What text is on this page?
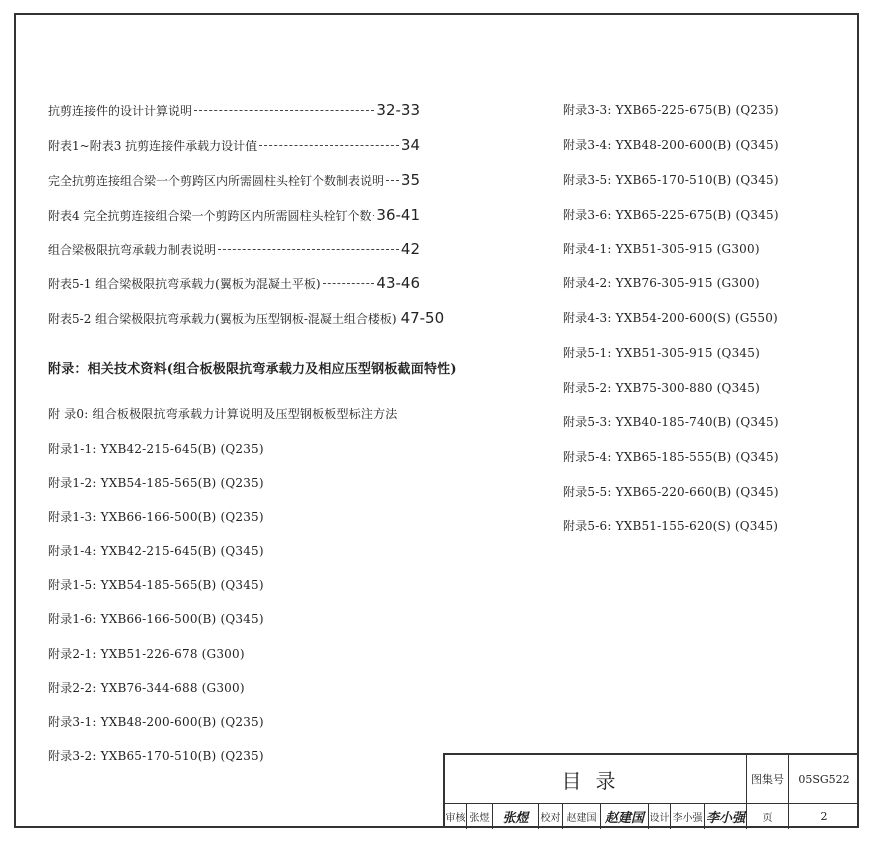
抗剪连接件的设计计算说明	32-33
附表1~附表3 抗剪连接件承载力设计值	34
完全抗剪连接组合梁一个剪跨区内所需圆柱头栓钉个数制表说明 35
附表4 完全抗剪连接组合梁一个剪跨区内所需圆柱头栓钉个数 36-41
组合梁极限抗弯承载力制表说明	42
附表5-1 组合梁极限抗弯承载力(翼板为混凝土平板)	43-46
附表5-2 组合梁极限抗弯承载力(翼板为压型钢板-混凝土组合楼板) 47-50
附录：相关技术资料(组合板极限抗弯承载力及相应压型钢板截面特性)
附 录0: 组合板极限抗弯承载力计算说明及压型钢板板型标注方法
附录1-1: YXB42-215-645(B) (Q235)
附录1-2: YXB54-185-565(B) (Q235)
附录1-3: YXB66-166-500(B) (Q235)
附录1-4: YXB42-215-645(B) (Q345)
附录1-5: YXB54-185-565(B) (Q345)
附录1-6: YXB66-166-500(B) (Q345)
附录2-1: YXB51-226-678 (G300)
附录2-2: YXB76-344-688 (G300)
附录3-1: YXB48-200-600(B) (Q235)
附录3-2: YXB65-170-510(B) (Q235)
附录3-3: YXB65-225-675(B) (Q235)
附录3-4: YXB48-200-600(B) (Q345)
附录3-5: YXB65-170-510(B) (Q345)
附录3-6: YXB65-225-675(B) (Q345)
附录4-1: YXB51-305-915 (G300)
附录4-2: YXB76-305-915 (G300)
附录4-3: YXB54-200-600(S) (G550)
附录5-1: YXB51-305-915 (Q345)
附录5-2: YXB75-300-880 (Q345)
附录5-3: YXB40-185-740(B) (Q345)
附录5-4: YXB65-185-555(B) (Q345)
附录5-5: YXB65-220-660(B) (Q345)
附录5-6: YXB51-155-620(S) (Q345)
目录	图集号 05SG522
审核 张煜 张煜 校对 赵建国 赵建国 设计 李小强 李小强 页	2
